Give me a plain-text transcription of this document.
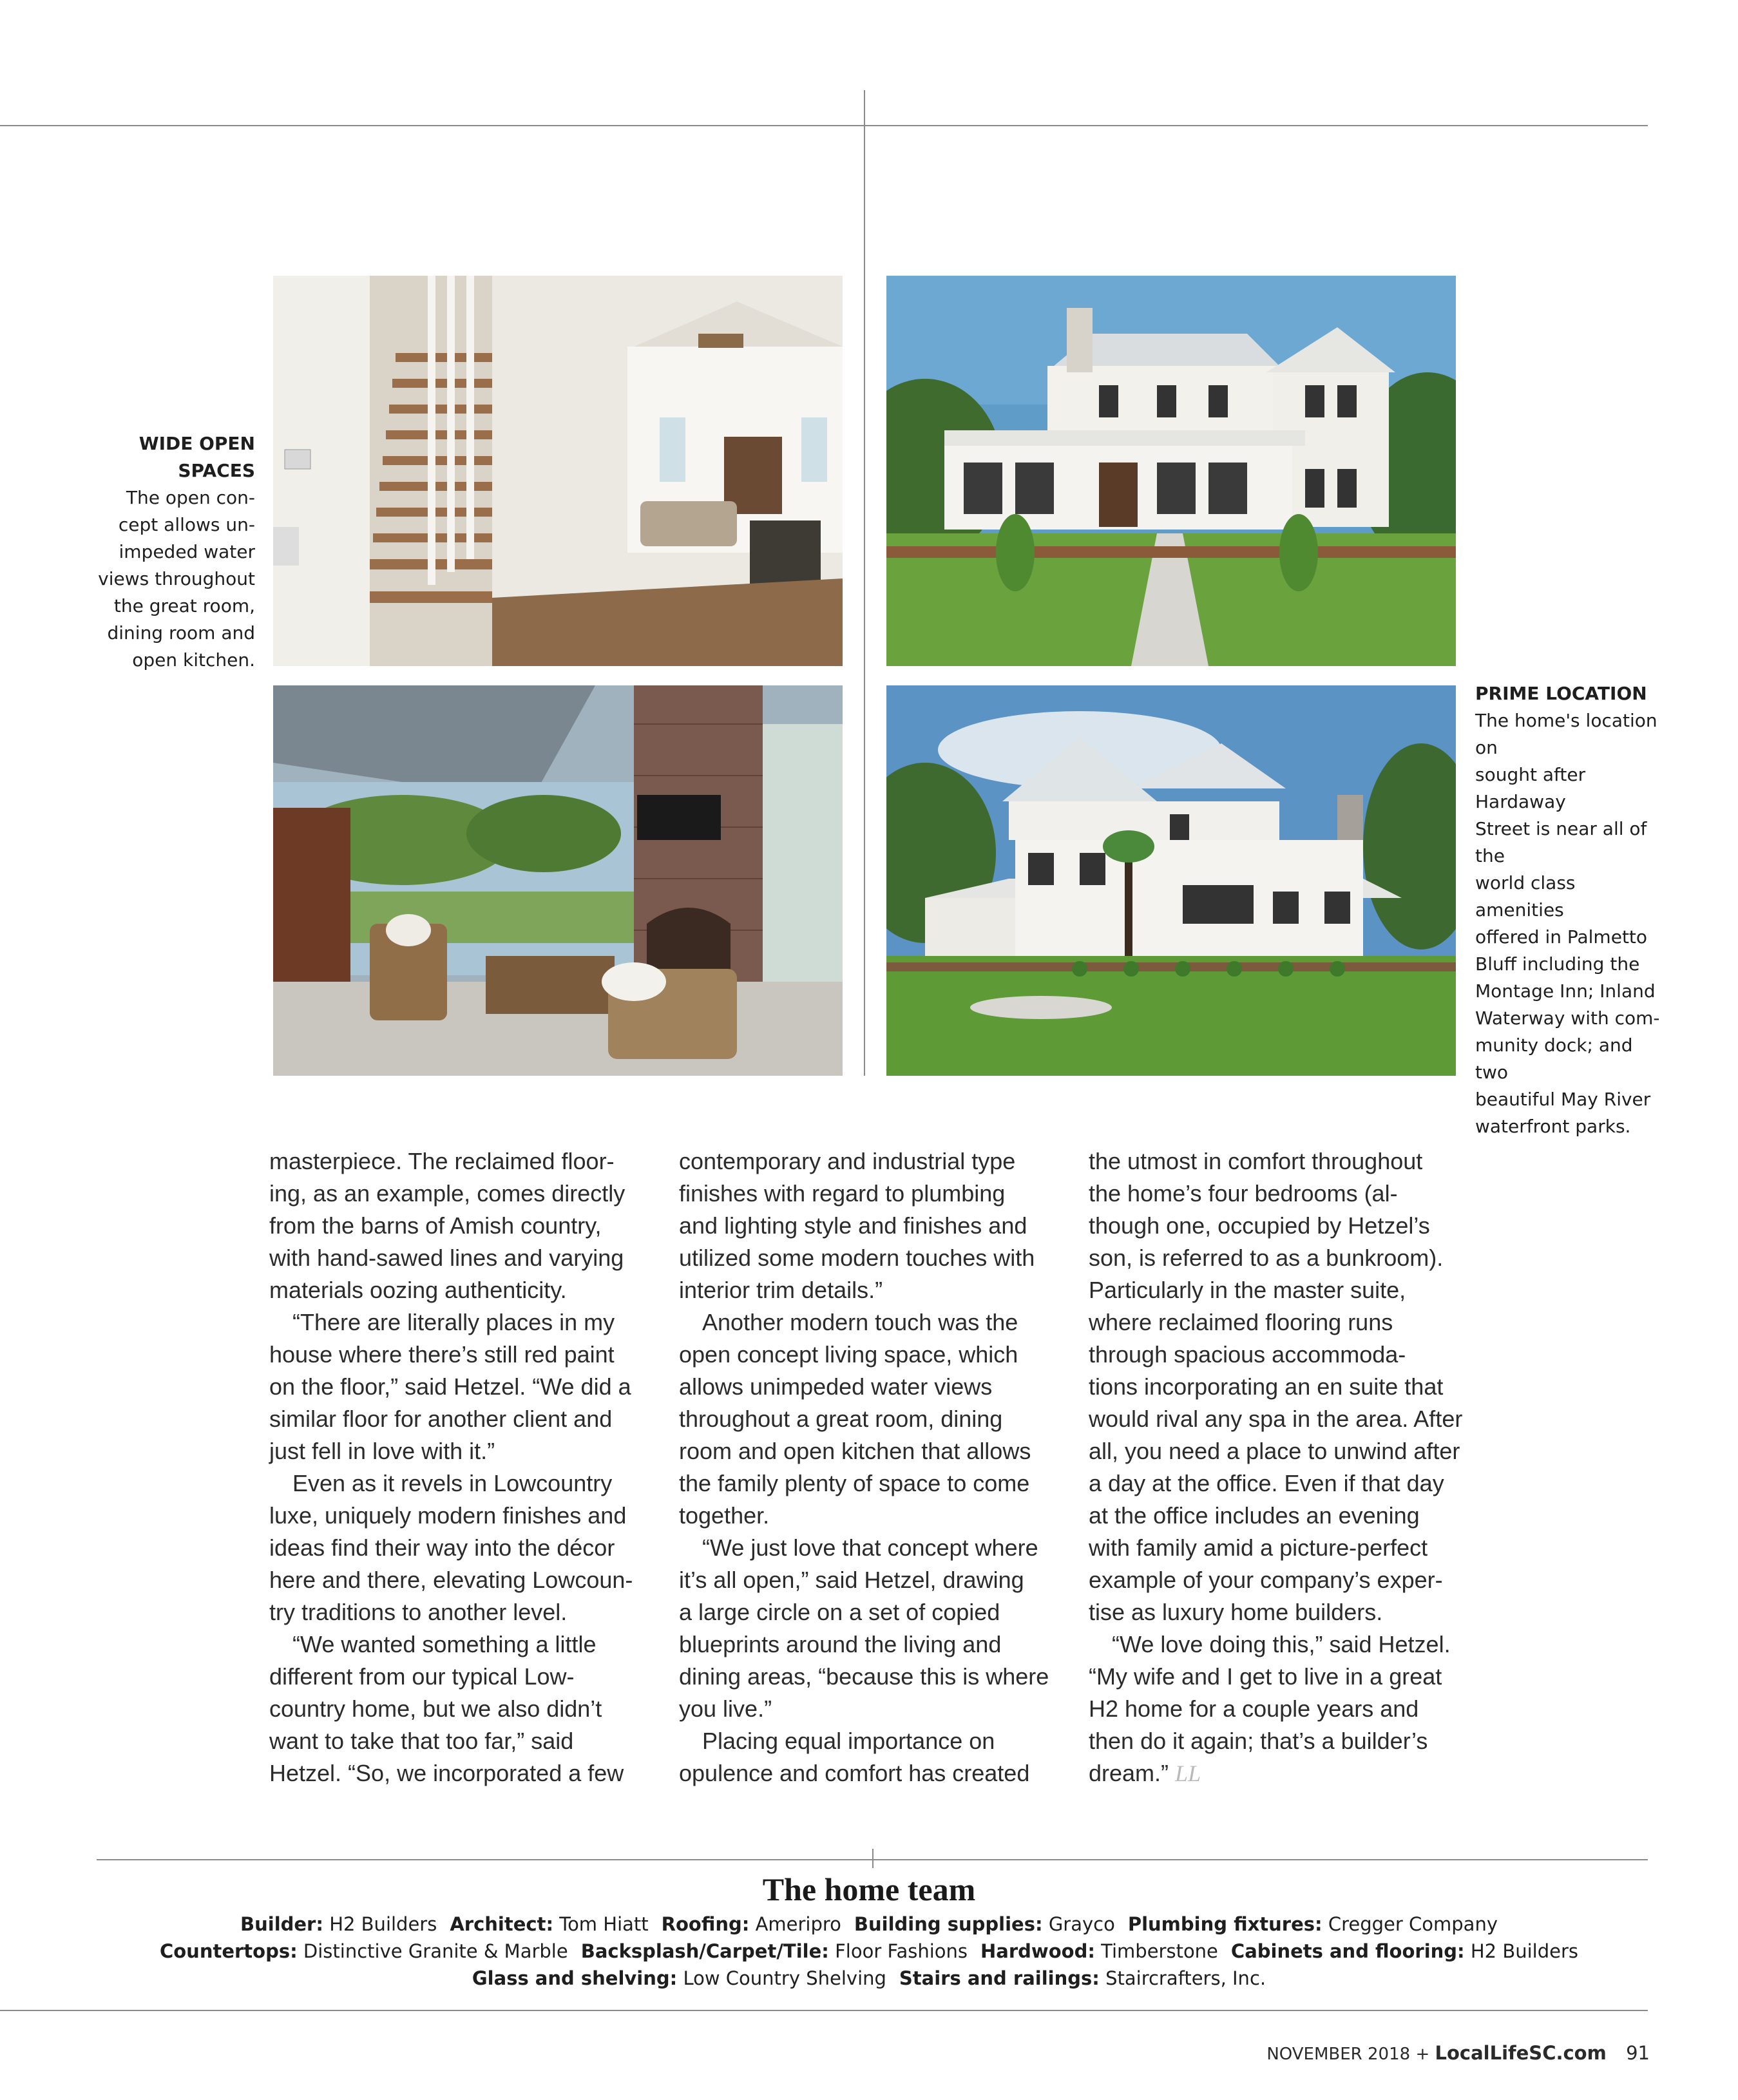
WIDE OPEN
SPACES
The open con-
cept allows un-
impeded water
views throughout
the great room,
dining room and
open kitchen.
PRIME LOCATION
The home's location on
sought after Hardaway
Street is near all of the
world class amenities
offered in Palmetto
Bluff including the
Montage Inn; Inland
Waterway with com-
munity dock; and two
beautiful May River
waterfront parks.

masterpiece. The reclaimed floor-
ing, as an example, comes directly
from the barns of Amish country,
with hand-sawed lines and varying
materials oozing authenticity.

“There are literally places in my
house where there’s still red paint
on the floor,” said Hetzel. “We did a
similar floor for another client and
just fell in love with it.”

Even as it revels in Lowcountry
luxe, uniquely modern finishes and
ideas find their way into the décor
here and there, elevating Lowcoun-
try traditions to another level.

“We wanted something a little
different from our typical Low-
country home, but we also didn’t
want to take that too far,” said
Hetzel. “So, we incorporated a few

contemporary and industrial type
finishes with regard to plumbing
and lighting style and finishes and
utilized some modern touches with
interior trim details.”

Another modern touch was the
open concept living space, which
allows unimpeded water views
throughout a great room, dining
room and open kitchen that allows
the family plenty of space to come
together.

“We just love that concept where
it’s all open,” said Hetzel, drawing
a large circle on a set of copied
blueprints around the living and
dining areas, “because this is where
you live.”

Placing equal importance on
opulence and comfort has created

the utmost in comfort throughout
the home’s four bedrooms (al-
though one, occupied by Hetzel’s
son, is referred to as a bunkroom).
Particularly in the master suite,
where reclaimed flooring runs
through spacious accommoda-
tions incorporating an en suite that
would rival any spa in the area. After
all, you need a place to unwind after
a day at the office. Even if that day
at the office includes an evening
with family amid a picture-perfect
example of your company’s exper-
tise as luxury home builders.

“We love doing this,” said Hetzel.
“My wife and I get to live in a great
H2 home for a couple years and
then do it again; that’s a builder’s
dream.” LL

The home team
Builder: H2 Builders Architect: Tom Hiatt Roofing: Ameripro Building supplies: Grayco Plumbing fixtures: Cregger Company
Countertops: Distinctive Granite & Marble Backsplash/Carpet/Tile: Floor Fashions Hardwood: Timberstone Cabinets and flooring: H2 Builders
Glass and shelving: Low Country Shelving Stairs and railings: Staircrafters, Inc.
NOVEMBER 2018 + LocalLifeSC.com 91
